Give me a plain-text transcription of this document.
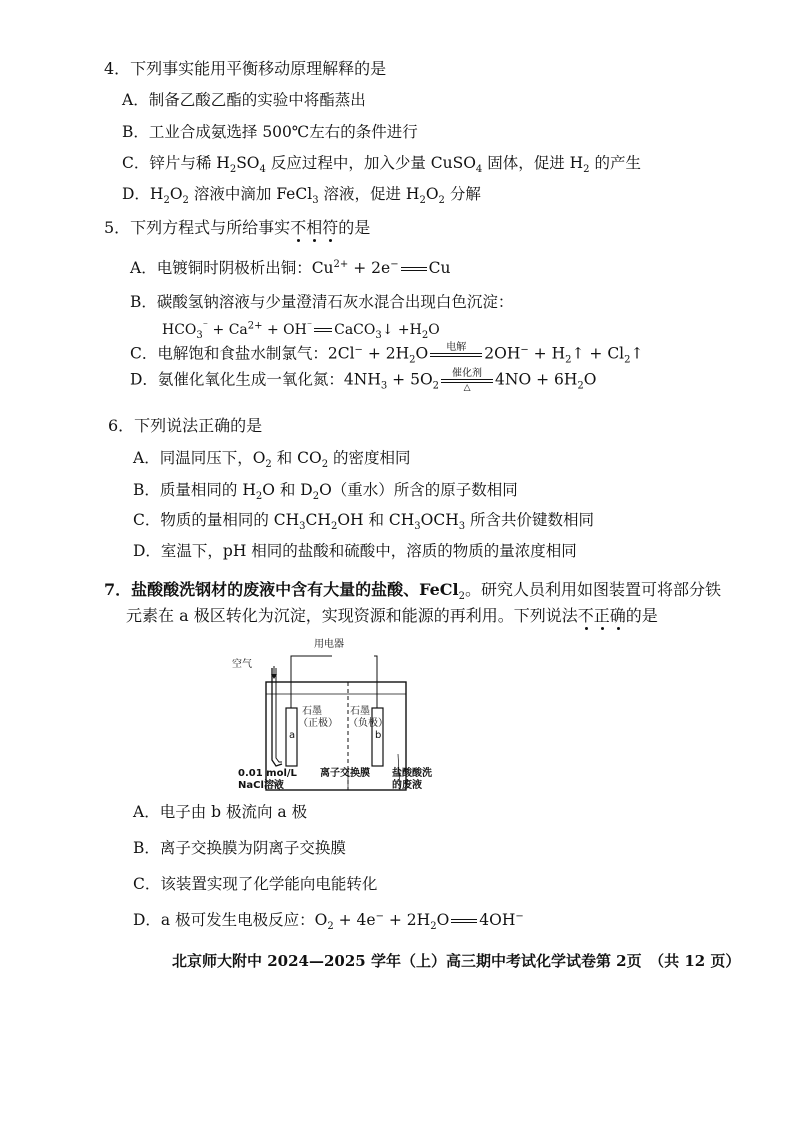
4．下列事实能用平衡移动原理解释的是
A．制备乙酸乙酯的实验中将酯蒸出
B．工业合成氨选择 500℃左右的条件进行
C．锌片与稀 $H_2SO_4$ 反应过程中，加入少量 CuSO$_4$ 固体，促进 $H_2$ 的产生
D．$H_2O_2$ 溶液中滴加 FeCl$_3$ 溶液，促进 $H_2O_2$ 分解
5．下列方程式与所给事实不相符的是
A．电镀铜时阴极析出铜：$Cu^{2+} + 2e^-$ Cu
B．碳酸氢钠溶液与少量澄清石灰水混合出现白色沉淀：
$HCO_3^{^-} + Ca^{2+} + OH^{^-}$ CaCO$_3$↓ $+H_2O$
C．电解饱和食盐水制氯气：$2Cl^- + 2H_2O$	电解	$2OH^- + H_2↑$ + $Cl_2↑$
D．氨催化氧化生成一氧化氮：$4NH_3 + 5O_2$
催化剂
△	$4NO + 6H_2O$
6．下列说法正确的是
A．同温同压下，$O_2$ 和 $CO_2$ 的密度相同
B．质量相同的 $H_2O$ 和 $D_2O$（重水）所含的原子数相同
C．物质的量相同的 $CH_3CH_2OH$ 和 $CH_3OCH_3$ 所含共价键数相同
D．室温下，pH 相同的盐酸和硫酸中，溶质的物质的量浓度相同
7．盐酸酸洗钢材的废液中含有大量的盐酸、FeCl$_2$。研究人员利用如图装置可将部分铁
元素在 a 极区转化为沉淀，实现资源和能源的再利用。下列说法不正确的是
用电器
空气
石墨
（正极）
石墨
（负极）
a	b
0.01 mol/L
NaCl溶液
离子交换膜 盐酸酸洗
的废液
A．电子由 b 极流向 a 极
B．离子交换膜为阴离子交换膜
C．该装置实现了化学能向电能转化
D．a 极可发生电极反应：$O_2 + 4e^- + 2H_2O$ 4OH−
北京师大附中 2024—2025 学年（上）高三期中考试化学试卷第 2页　（共 12 页）
